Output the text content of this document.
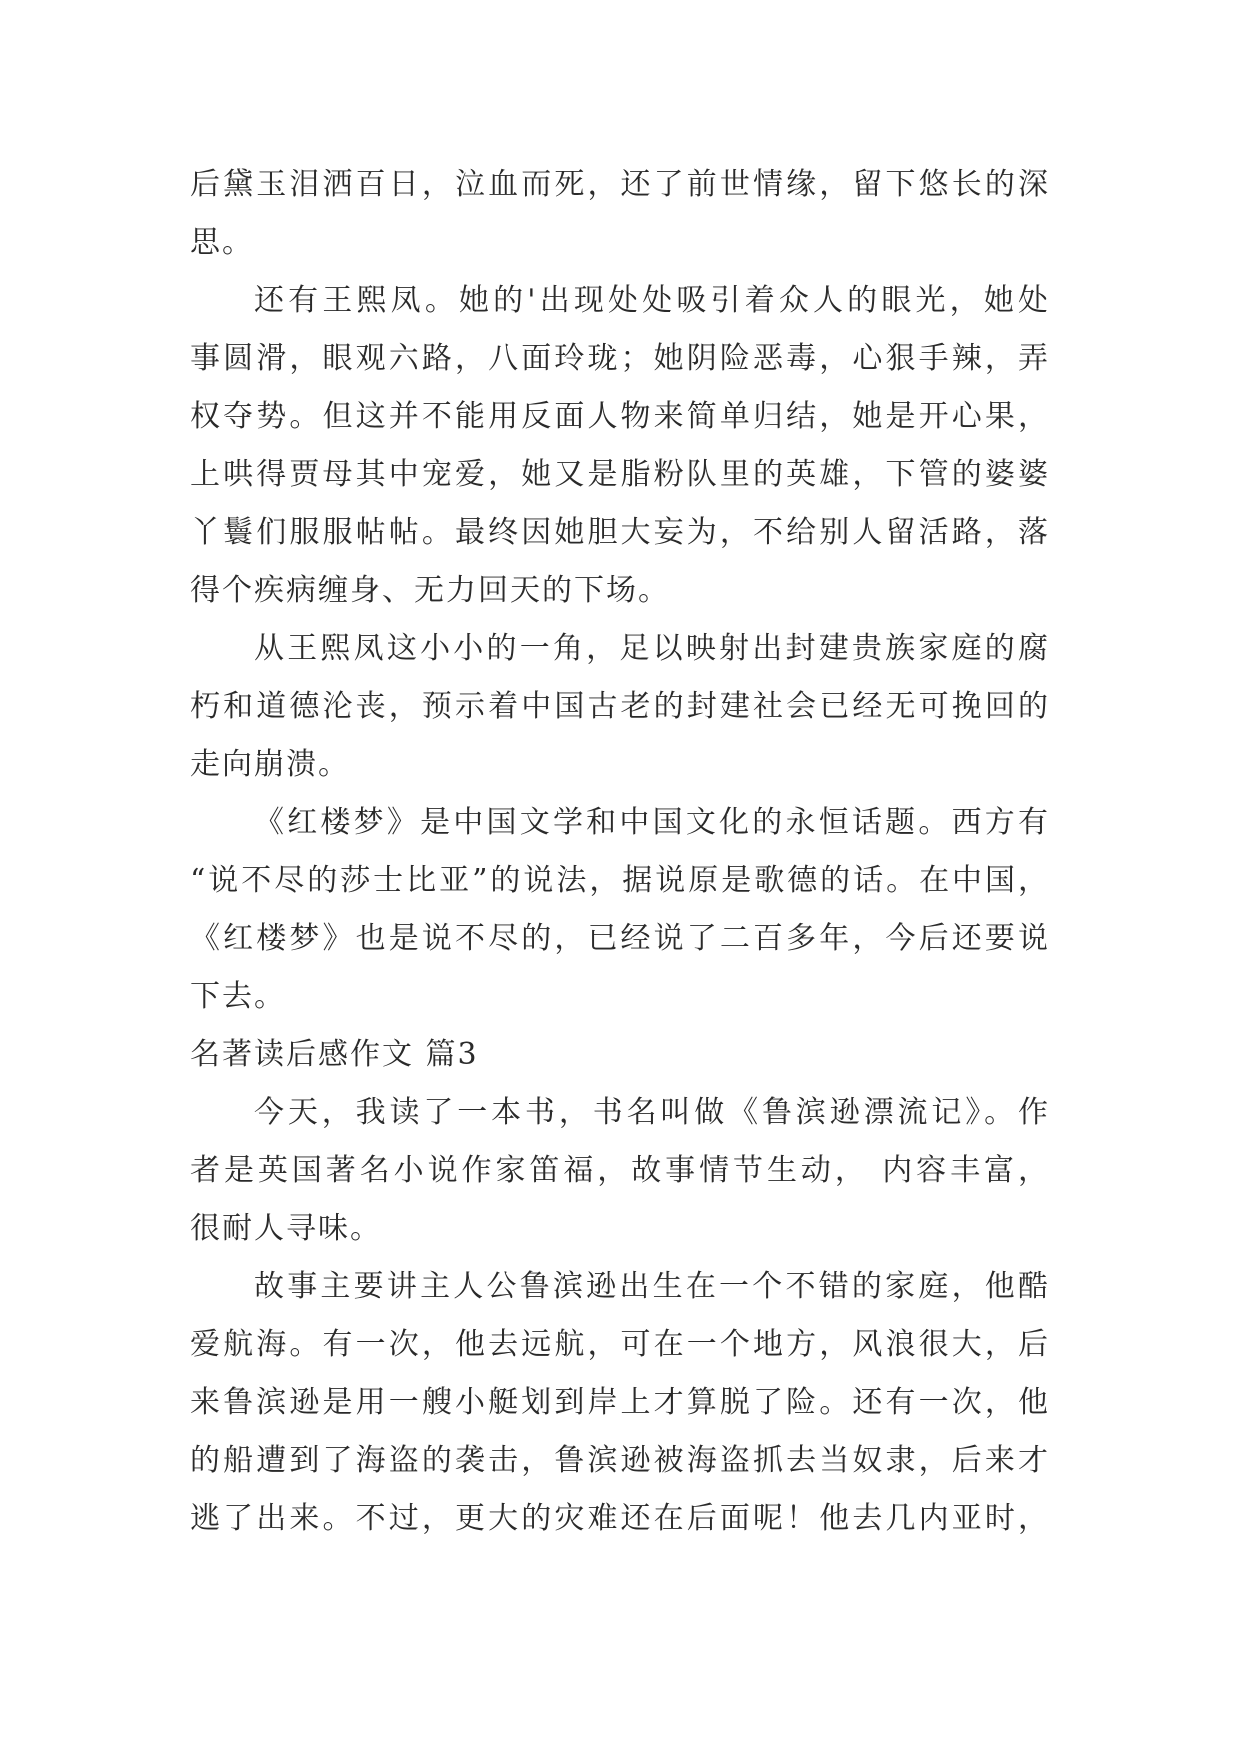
后黛玉泪洒百日，泣血而死，还了前世情缘，留下悠长的深
思。
还有王熙凤。她的'出现处处吸引着众人的眼光，她处
事圆滑，眼观六路，八面玲珑；她阴险恶毒，心狠手辣，弄
权夺势。但这并不能用反面人物来简单归结，她是开心果，
上哄得贾母其中宠爱，她又是脂粉队里的英雄，下管的婆婆
丫鬟们服服帖帖。最终因她胆大妄为，不给别人留活路，落
得个疾病缠身、无力回天的下场。
从王熙凤这小小的一角，足以映射出封建贵族家庭的腐
朽和道德沦丧，预示着中国古老的封建社会已经无可挽回的
走向崩溃。
《红楼梦》是中国文学和中国文化的永恒话题。西方有
“说不尽的莎士比亚”的说法，据说原是歌德的话。在中国，
《红楼梦》也是说不尽的，已经说了二百多年，今后还要说
下去。
名著读后感作文 篇3
今天，我读了一本书，书名叫做《鲁滨逊漂流记》。作
者是英国著名小说作家笛福，故事情节生动， 内容丰富，
很耐人寻味。
故事主要讲主人公鲁滨逊出生在一个不错的家庭，他酷
爱航海。有一次，他去远航，可在一个地方，风浪很大，后
来鲁滨逊是用一艘小艇划到岸上才算脱了险。还有一次，他
的船遭到了海盗的袭击，鲁滨逊被海盗抓去当奴隶，后来才
逃了出来。不过，更大的灾难还在后面呢！他去几内亚时，
